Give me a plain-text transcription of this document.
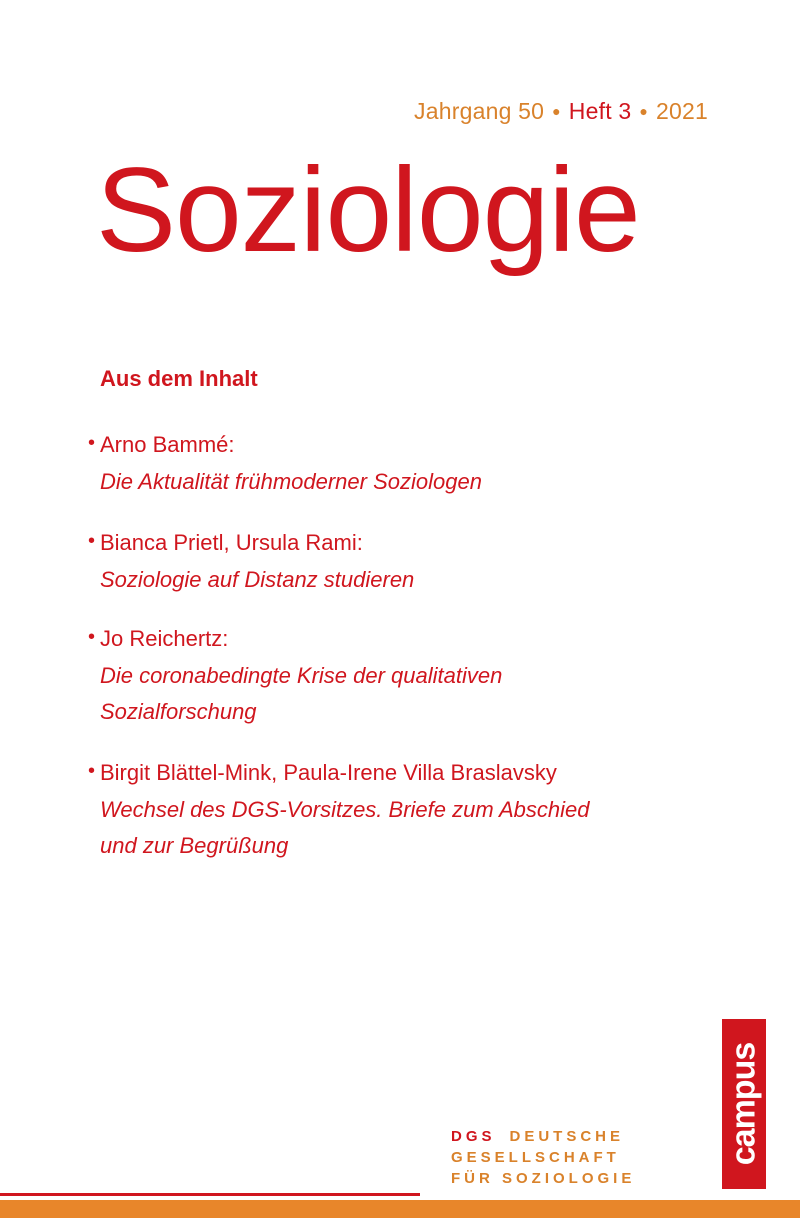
Jahrgang 50 ● Heft 3 ● 2021
Soziologie
Aus dem Inhalt
• Arno Bammé:
Die Aktualität frühmoderner Soziologen
• Bianca Prietl, Ursula Rami:
Soziologie auf Distanz studieren
• Jo Reichertz:
Die coronabedingte Krise der qualitativen
Sozialforschung
• Birgit Blättel-Mink, Paula-Irene Villa Braslavsky
Wechsel des DGS-Vorsitzes. Briefe zum Abschied
und zur Begrüßung
DGS DEUTSCHE
GESELLSCHAFT
FÜR SOZIOLOGIE
campus
